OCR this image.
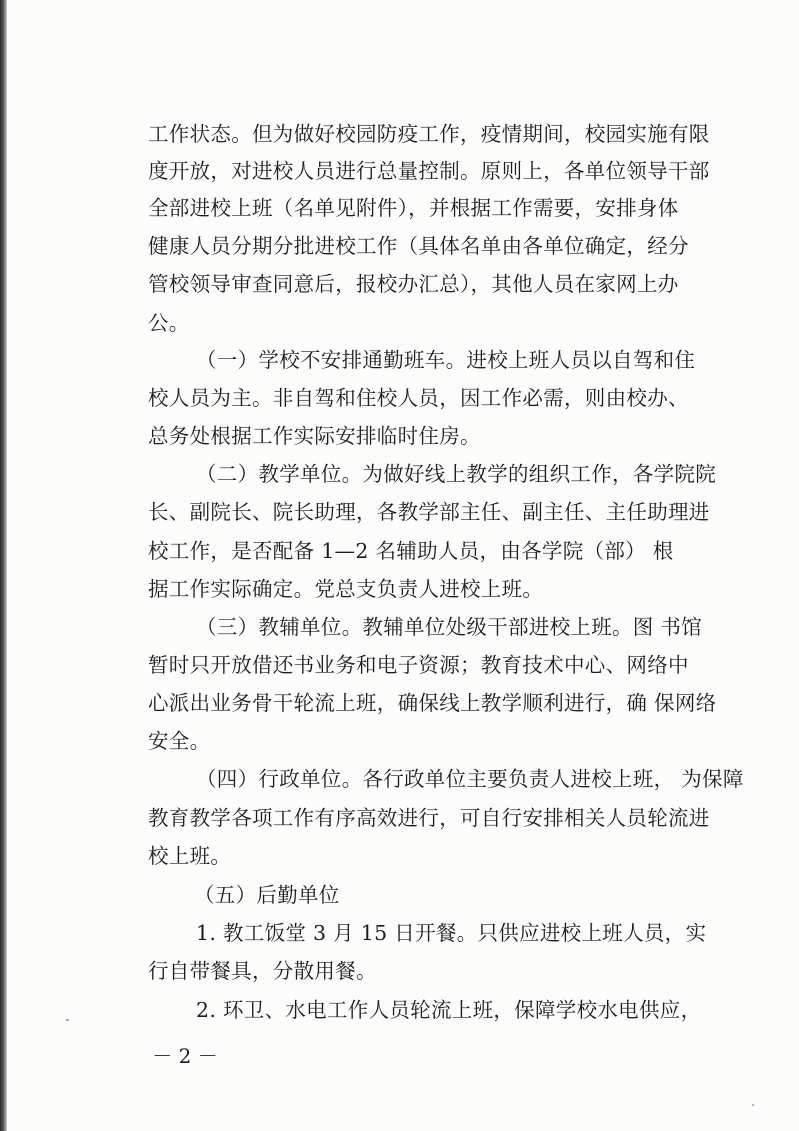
工作状态。但为做好校园防疫工作，疫情期间，校园实施有限
度开放，对进校人员进行总量控制。原则上，各单位领导干部
全部进校上班（名单见附件），并根据工作需要，安排身体
健康人员分期分批进校工作（具体名单由各单位确定，经分
管校领导审查同意后，报校办汇总），其他人员在家网上办
公。
（一）学校不安排通勤班车。进校上班人员以自驾和住
校人员为主。非自驾和住校人员，因工作必需，则由校办、
总务处根据工作实际安排临时住房。
（二）教学单位。为做好线上教学的组织工作，各学院院
长、副院长、院长助理，各教学部主任、副主任、主任助理进
校工作，是否配备 1—2 名辅助人员，由各学院（部） 根
据工作实际确定。党总支负责人进校上班。
（三）教辅单位。教辅单位处级干部进校上班。图 书馆
暂时只开放借还书业务和电子资源；教育技术中心、网络中
心派出业务骨干轮流上班，确保线上教学顺利进行，确 保网络
安全。
（四）行政单位。各行政单位主要负责人进校上班， 为保障
教育教学各项工作有序高效进行，可自行安排相关人员轮流进
校上班。
（五）后勤单位
1. 教工饭堂 3 月 15 日开餐。只供应进校上班人员，实
行自带餐具，分散用餐。
2. 环卫、水电工作人员轮流上班，保障学校水电供应，
－ 2 －
